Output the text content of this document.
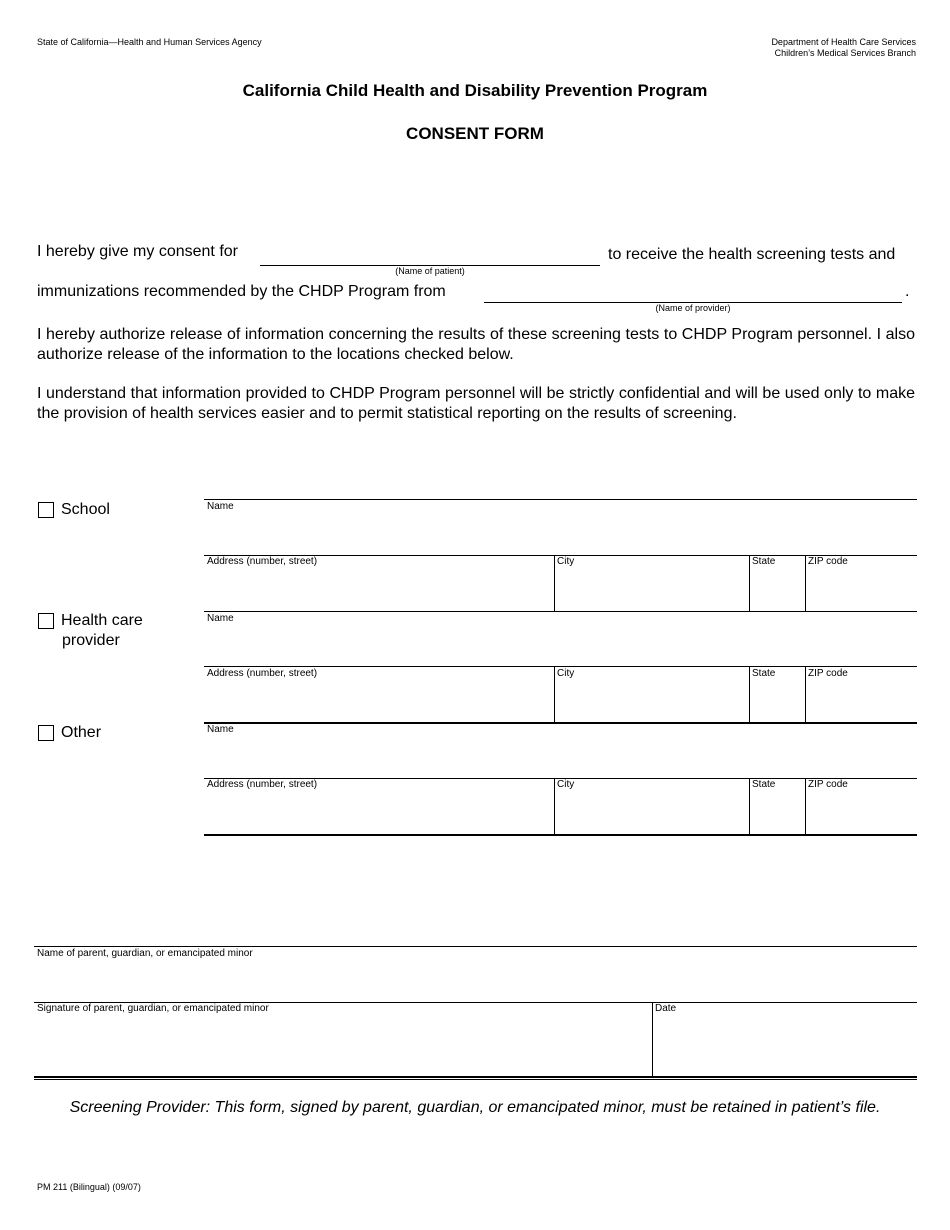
State of California—Health and Human Services Agency	Department of Health Care Services
Children’s Medical Services Branch
California Child Health and Disability Prevention Program
CONSENT FORM
I hereby give my consent for
(Name of patient)
to receive the health screening tests and
immunizations recommended by the CHDP Program from
(Name of provider)
.
I hereby authorize release of information concerning the results of these screening tests to CHDP Program personnel. I also authorize release of the information to the locations checked below.
I understand that information provided to CHDP Program personnel will be strictly confidential and will be used only to make the provision of health services easier and to permit statistical reporting on the results of screening.
School	Name
Address (number, street)	City	State	ZIP code
Health care
provider
Name
Address (number, street)	City	State	ZIP code
Other	Name
Address (number, street)	City	State	ZIP code
Name of parent, guardian, or emancipated minor
Signature of parent, guardian, or emancipated minor	Date
Screening Provider: This form, signed by parent, guardian, or emancipated minor, must be retained in patient’s file.
PM 211 (Bilingual) (09/07)
